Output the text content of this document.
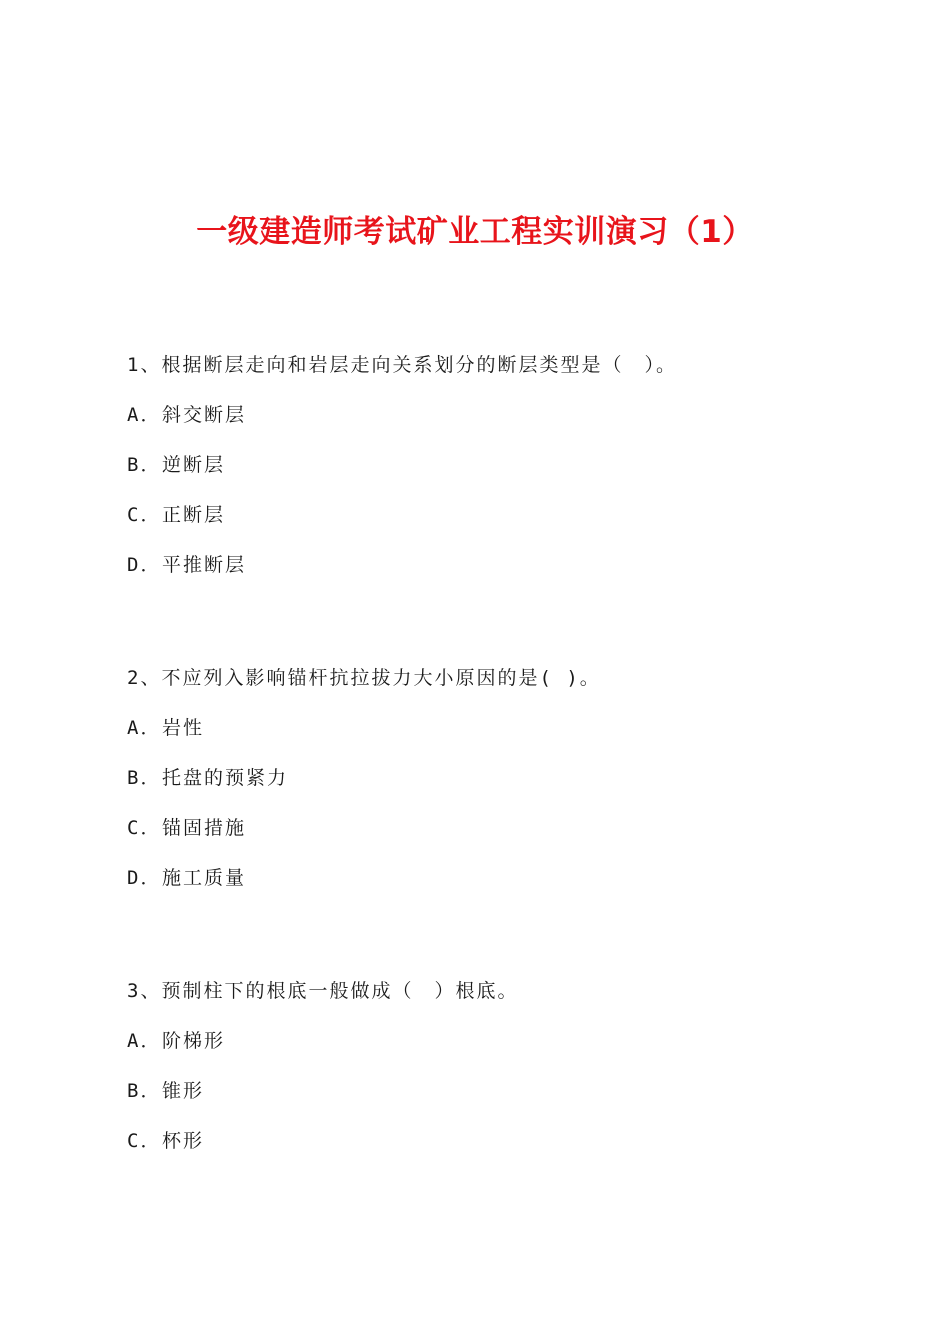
一级建造师考试矿业工程实训演习（1）
1、根据断层走向和岩层走向关系划分的断层类型是（　）。
A． 斜交断层
B． 逆断层
C． 正断层
D． 平推断层
2、不应列入影响锚杆抗拉拔力大小原因的是( )。
A． 岩性
B． 托盘的预紧力
C． 锚固措施
D． 施工质量
3、预制柱下的根底一般做成（　）根底。
A． 阶梯形
B． 锥形
C． 杯形
